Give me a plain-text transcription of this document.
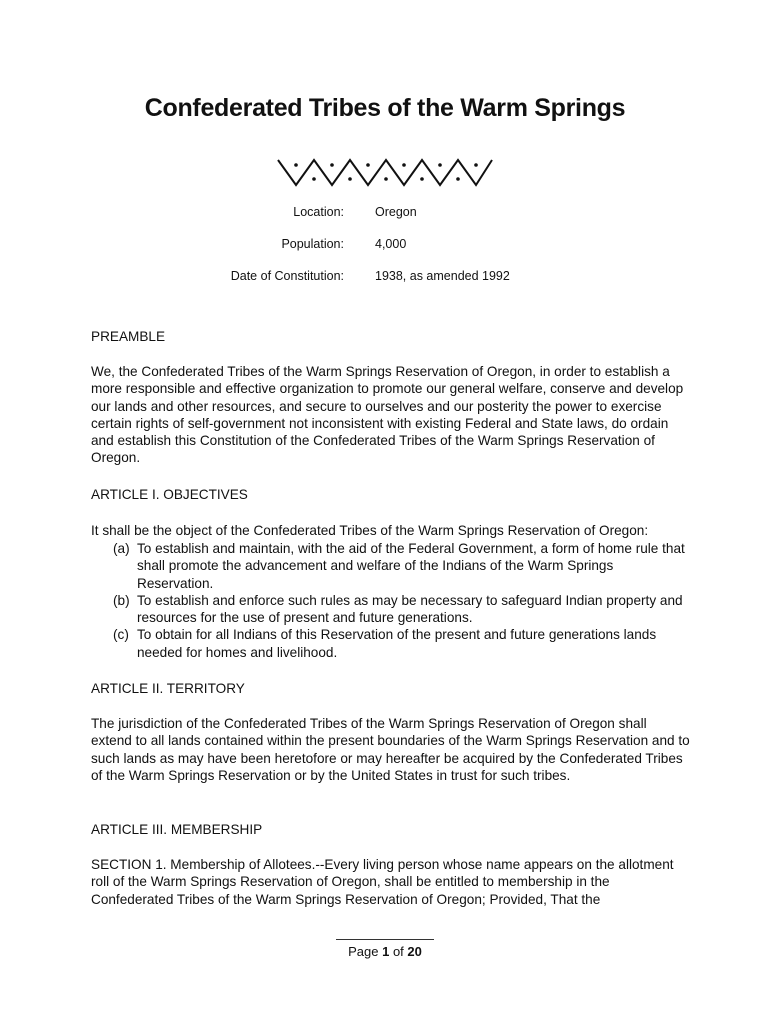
Confederated Tribes of the Warm Springs
Location: Oregon
Population: 4,000
Date of Constitution: 1938, as amended 1992
PREAMBLE
We, the Confederated Tribes of the Warm Springs Reservation of Oregon, in order to establish a more responsible and effective organization to promote our general welfare, conserve and develop our lands and other resources, and secure to ourselves and our posterity the power to exercise certain rights of self-government not inconsistent with existing Federal and State laws, do ordain and establish this Constitution of the Confederated Tribes of the Warm Springs Reservation of Oregon.
ARTICLE I. OBJECTIVES
It shall be the object of the Confederated Tribes of the Warm Springs Reservation of Oregon:
(a) To establish and maintain, with the aid of the Federal Government, a form of home rule that shall promote the advancement and welfare of the Indians of the Warm Springs Reservation.
(b) To establish and enforce such rules as may be necessary to safeguard Indian property and resources for the use of present and future generations.
(c) To obtain for all Indians of this Reservation of the present and future generations lands needed for homes and livelihood.
ARTICLE II. TERRITORY
The jurisdiction of the Confederated Tribes of the Warm Springs Reservation of Oregon shall extend to all lands contained within the present boundaries of the Warm Springs Reservation and to such lands as may have been heretofore or may hereafter be acquired by the Confederated Tribes of the Warm Springs Reservation or by the United States in trust for such tribes.
ARTICLE III. MEMBERSHIP
SECTION 1. Membership of Allotees.--Every living person whose name appears on the allotment roll of the Warm Springs Reservation of Oregon, shall be entitled to membership in the Confederated Tribes of the Warm Springs Reservation of Oregon; Provided, That the
Page 1 of 20
